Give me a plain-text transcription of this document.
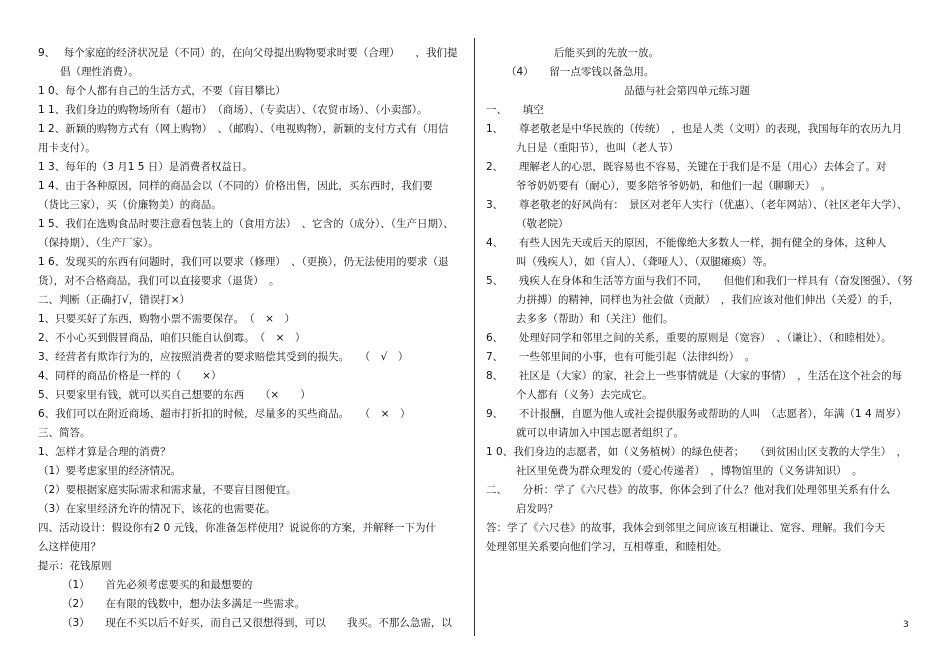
9、　 每个家庭的经济状况是（不同）的，在向父母提出购物要求时要（合理）　　，我们提
倡（理性消费）。
1 0、每个人都有自己的生活方式，不要（盲目攀比）
1 1、我们身边的购物场所有（超市）　（商场）、（专卖店）、（农贸市场）、（小卖部）。
1 2、新颖的购物方式有（网上购物）　、（邮购）、（电视购物），新颖的支付方式有（用信
用卡支付）。
1 3、每年的（3 月1 5 日）是消费者权益日。
1 4、由于各种原因，同样的商品会以（不同的）价格出售，因此，买东西时，我们要
（货比三家），买（价廉物美）的商品。
1 5、我们在选购食品时要注意看包装上的（食用方法）　、它含的（成分）、（生产日期）、
（保持期）、（生产厂家）。
1 6、发现买的东西有问题时，我们可以要求（修理）　、（更换），仍无法使用的要求（退
货），对不合格商品，我们可以直接要求（退货）　。
二、判断（正确打√，错误打×）
1、只要买好了东西，购物小票不需要保存。　（　×　）
2、不小心买到假冒商品，咱们只能自认倒霉。　（　×　）
3、经营者有欺诈行为的，应按照消费者的要求赔偿其受到的损失。　　（　√　）
4、同样的商品价格是一样的（　　×）
5、只要家里有钱，就可以买自己想要的东西　　（×　　）
6、我们可以在附近商场、超市打折扣的时候，尽量多的买些商品。　　（　×　）
三、简答。
1、怎样才算是合理的消费？
（1）要考虑家里的经济情况。
（2）要根据家庭实际需求和需求量，不要盲目图便宜。
（3）在家里经济允许的情况下，该花的也需要花。
四、活动设计：假设你有2 0 元钱，你准备怎样使用？说说你的方案，并解释一下为什
么这样使用？
提示：花钱原则
（1）　　首先必须考虑要买的和最想要的
（2）　　在有限的钱数中，想办法多满足一些需求。
（3）　　现在不买以后不好买，而自己又很想得到，可以　　我买。不那么急需，以
后能买到的先放一放。
（4）　　留一点零钱以备急用。
品德与社会第四单元练习题
一、　　填空
1、　　尊老敬老是中华民族的（传统）　，也是人类（文明）的表现，我国每年的农历九月
九日是（重阳节），也叫（老人节）
2、　　理解老人的心思，既容易也不容易，关键在于我们是不是（用心）去体会了。对
爷爷奶奶要有（耐心），要多陪爷爷奶奶，和他们一起（聊聊天）　。
3、　　尊老敬老的好风尚有：　景区对老年人实行（优惠）、（老年网站）、（社区老年大学）、
（敬老院）
4、　　有些人因先天或后天的原因，不能像绝大多数人一样，拥有健全的身体，这种人
叫（残疾人），如（盲人）、（聋哑人）、（双腿瘫痪）等。
5、　　残疾人在身体和生活等方面与我们不同，　　但他们和我们一样具有（奋发图强）、（努
力拼搏）的精神，同样也为社会做（贡献）　，我们应该对他们伸出（关爱）的手，
去多多（帮助）和（关注）他们。
6、　　处理好同学和邻里之间的关系，重要的原则是（宽容）　、（谦让）、（和睦相处）。
7、　　一些邻里间的小事，也有可能引起（法律纠纷）　。
8、　　社区是（大家）的家，社会上一些事情就是（大家的事情）　，生活在这个社会的每
个人都有（义务）去完成它。
9、　　不计报酬，自愿为他人或社会提供服务或帮助的人叫　（志愿者），年满（1 4 周岁）
就可以申请加入中国志愿者组织了。
1 0、我们身边的志愿者，如（义务植树）的绿色使者；　　（到贫困山区支教的大学生）　，
社区里免费为群众理发的（爱心传递者）　，博物馆里的（义务讲知识）　。
二、　　分析：学了《六尺巷》的故事，你体会到了什么？他对我们处理邻里关系有什么
启发吗？
答：学了《六尺巷》的故事，我体会到邻里之间应该互相谦让、宽容、理解。我们今天
处理邻里关系要向他们学习，互相尊重，和睦相处。
3
